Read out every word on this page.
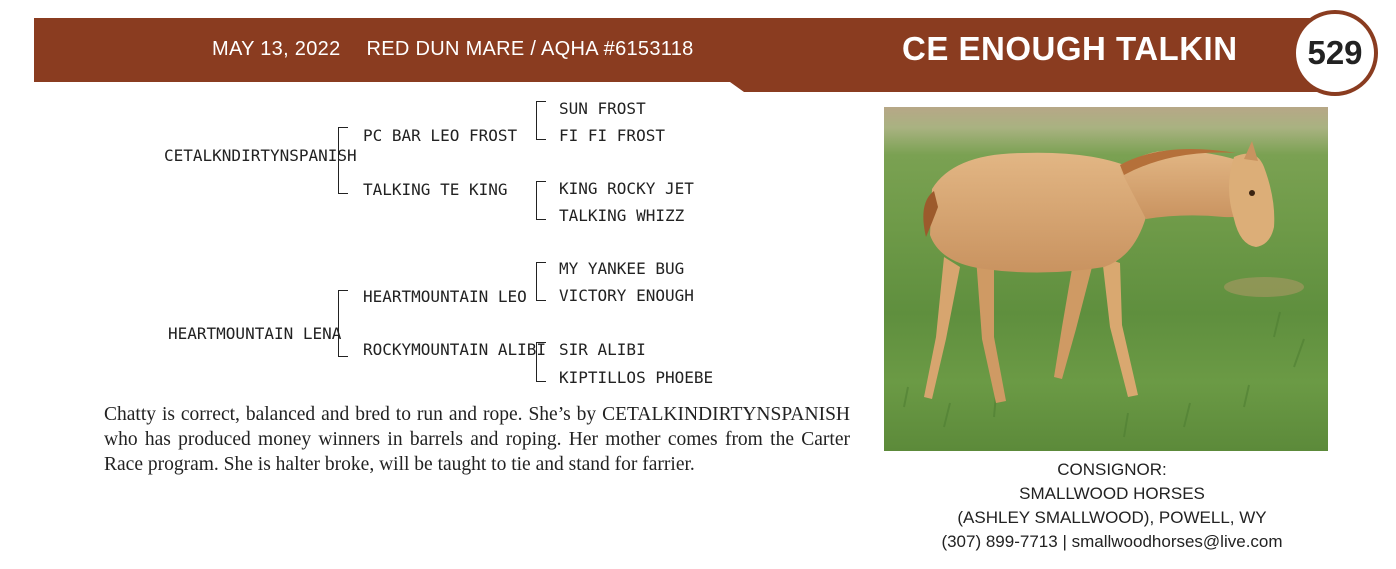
MAY 13, 2022 RED DUN MARE / AQHA #6153118	CE ENOUGH TALKIN	529
CETALKNDIRTYNSPANISH
PC BAR LEO FROST
TALKING TE KING
SUN FROST
FI FI FROST
KING ROCKY JET
TALKING WHIZZ
HEARTMOUNTAIN LENA
HEARTMOUNTAIN LEO
ROCKYMOUNTAIN ALIBI
MY YANKEE BUG
VICTORY ENOUGH
SIR ALIBI
KIPTILLOS PHOEBE

Chatty is correct, balanced and bred to run and rope. She’s by CETALKINDIRTYNSPANISH who has produced money winners in barrels and roping. Her mother comes from the Carter Race program. She is halter broke, will be taught to tie and stand for farrier.	CONSIGNOR:
SMALLWOOD HORSES
(ASHLEY SMALLWOOD), POWELL, WY
(307) 899-7713 | smallwoodhorses@live.com
